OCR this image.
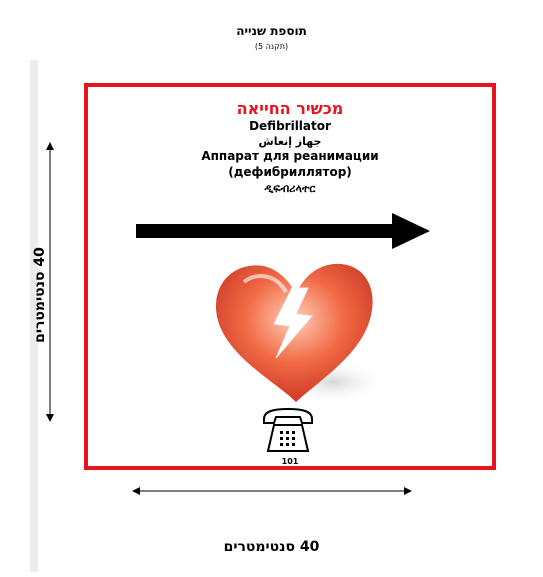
תוספת שנייה
(תקנה 5)
40 סנטימטרים
מכשיר החייאה
Defibrillator
جهاز إنعاش
Аппарат для реанимации
(дефибриллятор)
ዲፍብሪላተር
101
40 סנטימטרים
